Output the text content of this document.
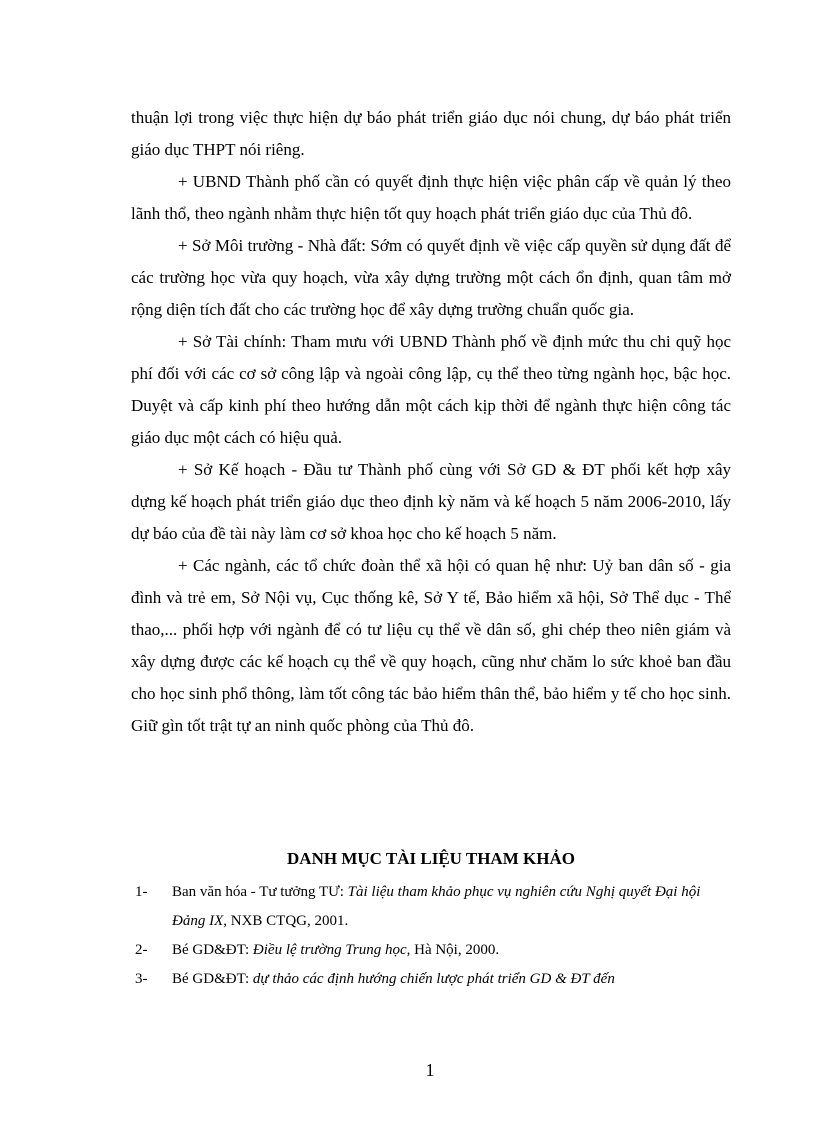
thuận lợi trong việc thực hiện dự báo phát triển giáo dục nói chung, dự báo phát triển giáo dục THPT nói riêng.

+ UBND Thành phố cần có quyết định thực hiện việc phân cấp về quản lý theo lãnh thổ, theo ngành nhằm thực hiện tốt quy hoạch phát triển giáo dục của Thủ đô.

+ Sở Môi trường - Nhà đất: Sớm có quyết định về việc cấp quyền sử dụng đất để các trường học vừa quy hoạch, vừa xây dựng trường một cách ổn định, quan tâm mở rộng diện tích đất cho các trường học để xây dựng trường chuẩn quốc gia.

+ Sở Tài chính: Tham mưu với UBND Thành phố về định mức thu chi quỹ học phí đối với các cơ sở công lập và ngoài công lập, cụ thể theo từng ngành học, bậc học. Duyệt và cấp kinh phí theo hướng dẫn một cách kịp thời để ngành thực hiện công tác giáo dục một cách có hiệu quả.

+ Sở Kế hoạch - Đầu tư Thành phố cùng với Sở GD & ĐT phối kết hợp xây dựng kế hoạch phát triển giáo dục theo định kỳ năm và kế hoạch 5 năm 2006-2010, lấy dự báo của đề tài này làm cơ sở khoa học cho kế hoạch 5 năm.

+ Các ngành, các tổ chức đoàn thể xã hội có quan hệ như: Uỷ ban dân số - gia đình và trẻ em, Sở Nội vụ, Cục thống kê, Sở Y tế, Bảo hiểm xã hội, Sở Thể dục - Thể thao,... phối hợp với ngành để có tư liệu cụ thể về dân số, ghi chép theo niên giám và xây dựng được các kế hoạch cụ thể về quy hoạch, cũng như chăm lo sức khoẻ ban đầu cho học sinh phổ thông, làm tốt công tác bảo hiểm thân thể, bảo hiểm y tế cho học sinh. Giữ gìn tốt trật tự an ninh quốc phòng của Thủ đô.

DANH MỤC TÀI LIỆU THAM KHẢO
1-	Ban văn hóa - Tư tưởng TƯ: Tài liệu tham khảo phục vụ nghiên cứu Nghị quyết Đại hội Đảng IX, NXB CTQG, 2001.
2-	Bé GD&ĐT: Điều lệ trường Trung học, Hà Nội, 2000.
3-	Bé GD&ĐT: dự thảo các định hướng chiến lược phát triển GD & ĐT đến
1
